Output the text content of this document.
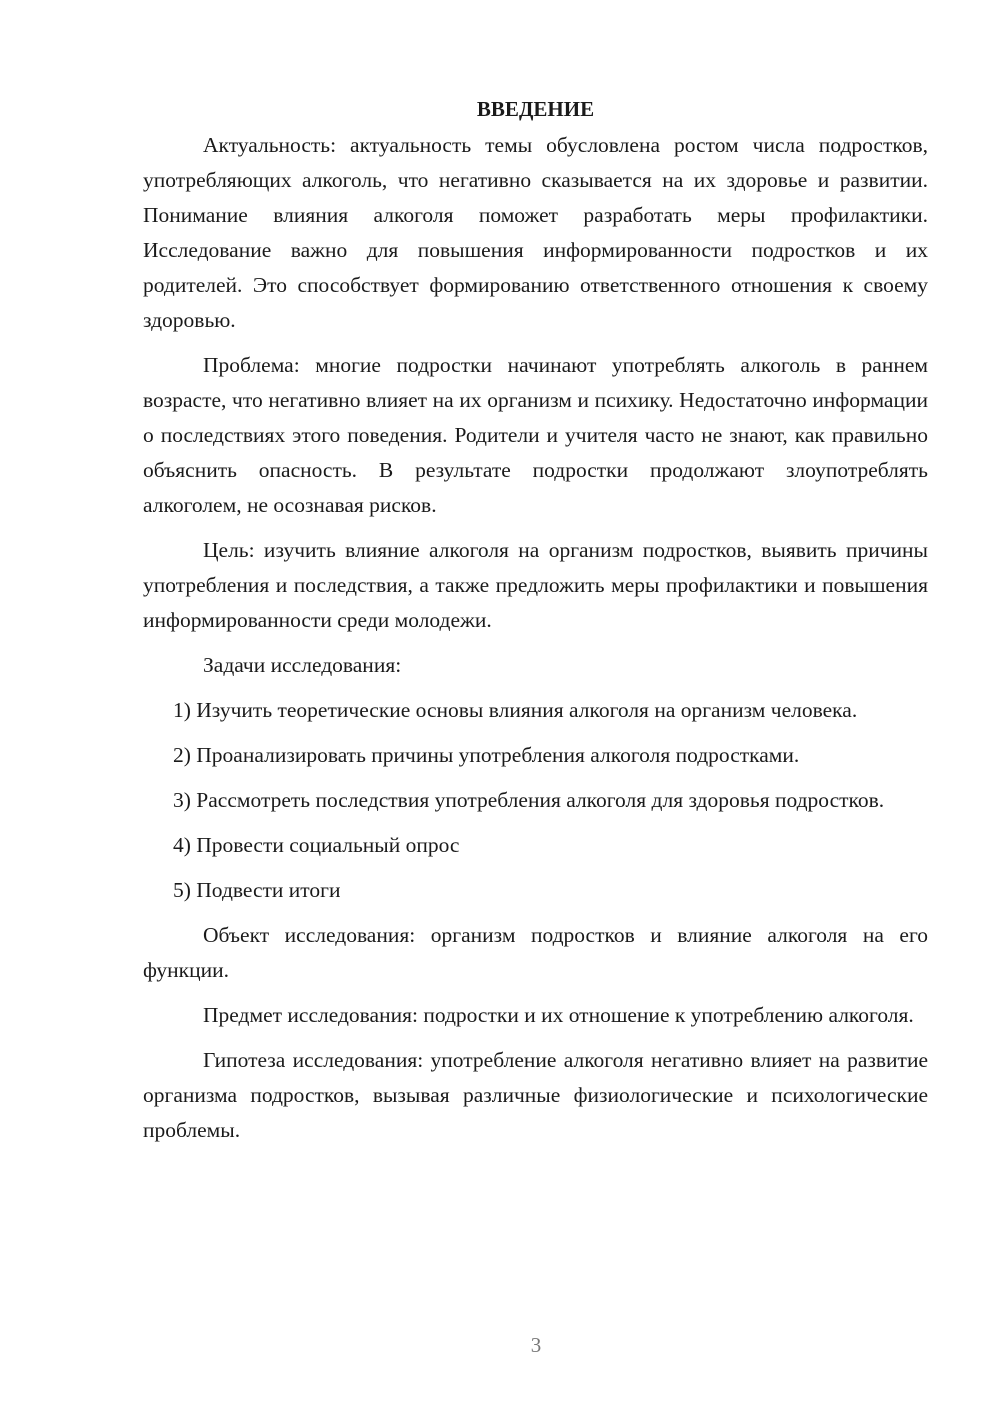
ВВЕДЕНИЕ

Актуальность: актуальность темы обусловлена ростом числа подростков, употребляющих алкоголь, что негативно сказывается на их здоровье и развитии. Понимание влияния алкоголя поможет разработать меры профилактики. Исследование важно для повышения информированности подростков и их родителей. Это способствует формированию ответственного отношения к своему здоровью.

Проблема: многие подростки начинают употреблять алкоголь в раннем возрасте, что негативно влияет на их организм и психику. Недостаточно информации о последствиях этого поведения. Родители и учителя часто не знают, как правильно объяснить опасность. В результате подростки продолжают злоупотреблять алкоголем, не осознавая рисков.

Цель: изучить влияние алкоголя на организм подростков, выявить причины употребления и последствия, а также предложить меры профилактики и повышения информированности среди молодежи.

Задачи исследования:

1) Изучить теоретические основы влияния алкоголя на организм человека.

2) Проанализировать причины употребления алкоголя подростками.

3) Рассмотреть последствия употребления алкоголя для здоровья подростков.

4) Провести социальный опрос

5) Подвести итоги

Объект исследования: организм подростков и влияние алкоголя на его функции.

Предмет исследования: подростки и их отношение к употреблению алкоголя.

Гипотеза исследования: употребление алкоголя негативно влияет на развитие организма подростков, вызывая различные физиологические и психологические проблемы.

3
